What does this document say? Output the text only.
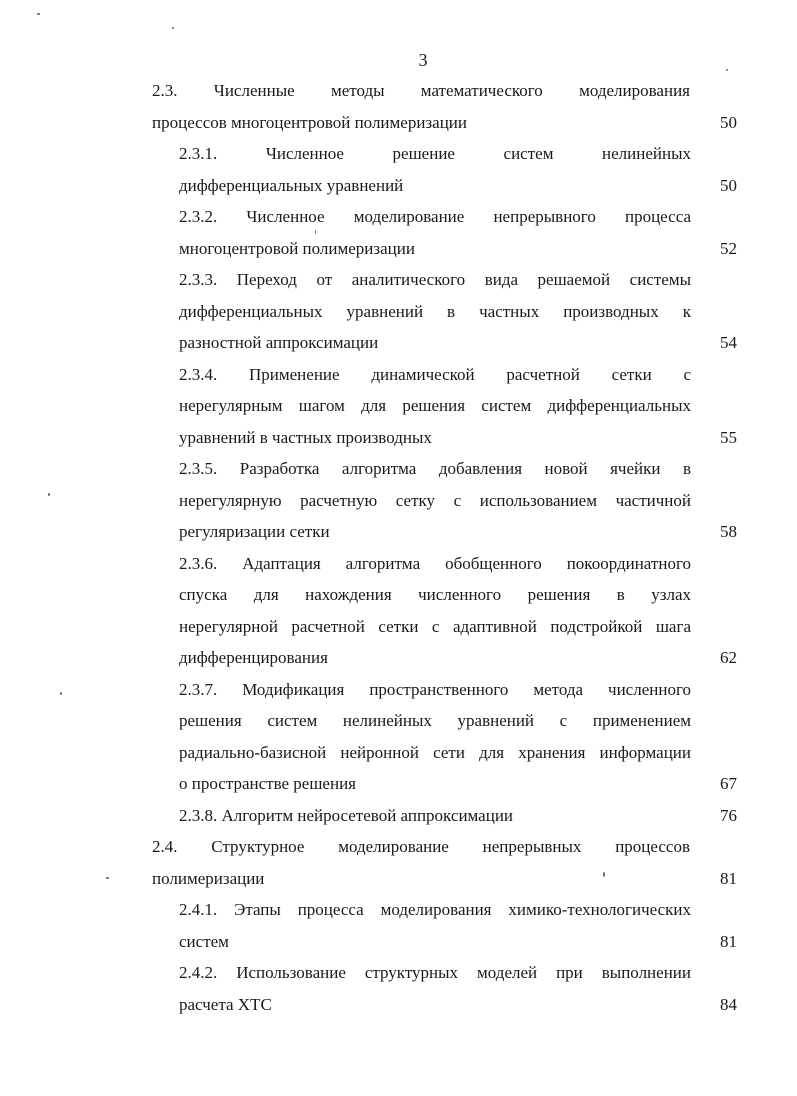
3
2.3. Численные методы математического моделирования
процессов многоцентровой полимеризации	50
2.3.1. Численное решение систем нелинейных
дифференциальных уравнений	50
2.3.2. Численное моделирование непрерывного процесса
многоцентровой полимеризации	52
2.3.3. Переход от аналитического вида решаемой системы
дифференциальных уравнений в частных производных к
разностной аппроксимации	54
2.3.4. Применение динамической расчетной сетки с
нерегулярным шагом для решения систем дифференциальных
уравнений в частных производных	55
2.3.5. Разработка алгоритма добавления новой ячейки в
нерегулярную расчетную сетку с использованием частичной
регуляризации сетки	58
2.3.6. Адаптация алгоритма обобщенного покоординатного
спуска для нахождения численного решения в узлах
нерегулярной расчетной сетки с адаптивной подстройкой шага
дифференцирования	62
2.3.7. Модификация пространственного метода численного
решения систем нелинейных уравнений с применением
радиально-базисной нейронной сети для хранения информации
о пространстве решения	67
2.3.8. Алгоритм нейросетевой аппроксимации	76
2.4. Структурное моделирование непрерывных процессов
полимеризации	81
2.4.1. Этапы процесса моделирования химико-технологических
систем	81
2.4.2. Использование структурных моделей при выполнении
расчета ХТС	84
